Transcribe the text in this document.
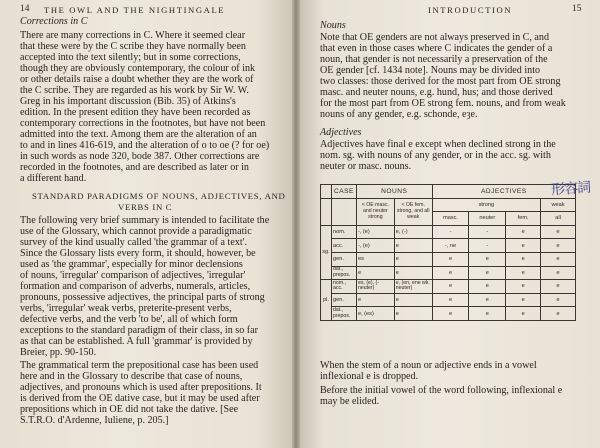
14 THE OWL AND THE NIGHTINGALE
Corrections in C
There are many corrections in C. Where it seemed clear
that these were by the C scribe they have normally been
accepted into the text silently; but in some corrections,
though they are obviously contemporary, the colour of ink
or other details raise a doubt whether they are the work of
the C scribe. They are regarded as his work by Sir W. W.
Greg in his important discussion (Bib. 35) of Atkins's
edition. In the present edition they have been recorded as
contemporary corrections in the footnotes, but have not been
admitted into the text. Among them are the alteration of an
to and in lines 416-619, and the alteration of o to oe (? for oe)
in such words as node 320, bode 387. Other corrections are
recorded in the footnotes, and are described as later or in
a different hand.
STANDARD PARADIGMS OF NOUNS, ADJECTIVES, AND
VERBS IN C
The following very brief summary is intended to facilitate the
use of the Glossary, which cannot provide a paradigmatic
survey of the kind usually called 'the grammar of a text'.
Since the Glossary lists every form, it should, however, be
used as 'the grammar', especially for minor declensions
of nouns, 'irregular' comparison of adjectives, 'irregular'
formation and comparison of adverbs, numerals, articles,
pronouns, possessive adjectives, the principal parts of strong
verbs, 'irregular' weak verbs, preterite-present verbs,
defective verbs, and the verb 'to be', all of which form
exceptions to the standard paradigm of their class, in so far
as that can be established. A full 'grammar' is provided by
Breier, pp. 90-150.
The grammatical term the prepositional case has been used
here and in the Glossary to describe that case of nouns,
adjectives, and pronouns which is used after prepositions. It
is derived from the OE dative case, but it may be used after
prepositions which in OE did not take the dative. [See
S.T.R.O. d'Ardenne, Iuliene, p. 205.]
INTRODUCTION	15
Nouns
Note that OE genders are not always preserved in C, and
that even in those cases where C indicates the gender of a
noun, that gender is not necessarily a preservation of the
OE gender [cf. 1434 note]. Nouns may be divided into
two classes: those derived for the most part from OE strong
masc. and neuter nouns, e.g. hund, hus; and those derived
for the most part from OE strong fem. nouns, and from weak
nouns of any gender, e.g. schonde, eȝe.
Adjectives
Adjectives have final e except when declined strong in the
nom. sg. with nouns of any gender, or in the acc. sg. with
neuter or masc. nouns.
	CASE	NOUNS		ADJECTIVES			
		< OE masc. and neuter strong	< OE fem. strong, and all weak	strong			weak
				masc.	neuter	fem.	all
sg.	nom.	-, (e)	e, (-)	-	-	e	e
	acc.	-, (e)	e	-, ne	-	e	e
	gen.	es	e	e	e	e	e
	dat., prepos.	e	e	e	e	e	e
pl.	nom., acc.	es, (e), (- neuter)	e, (en, ene wk. neuter)	e	e	e	e
	gen.	e	e	e	e	e	e
	dat., prepos.	e, (es)	e	e	e	e	e
形容詞
When the stem of a noun or adjective ends in a vowel
inflexional e is dropped.
Before the initial vowel of the word following, inflexional e
may be elided.
